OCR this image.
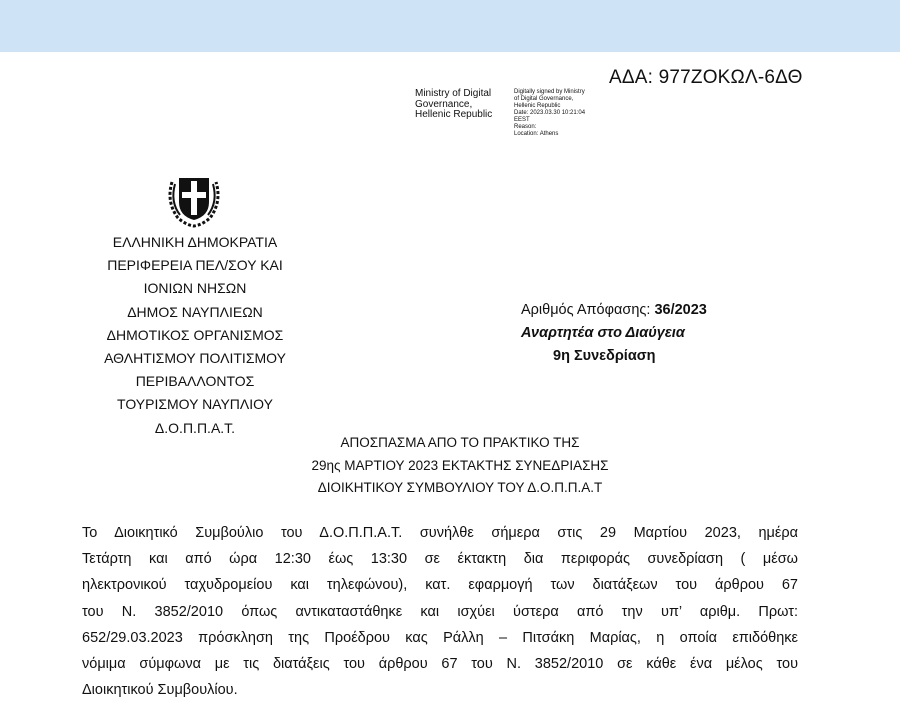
ΑΔΑ: 977ΖΟΚΩΛ-6ΔΘ
Ministry of Digital
Governance,
Hellenic Republic
Digitally signed by Ministry
of Digital Governance,
Hellenic Republic
Date: 2023.03.30 10:21:04
EEST
Reason:
Location: Athens
ΕΛΛΗΝΙΚΗ ΔΗΜΟΚΡΑΤΙΑ
ΠΕΡΙΦΕΡΕΙΑ ΠΕΛ/ΣΟΥ ΚΑΙ
ΙΟΝΙΩΝ ΝΗΣΩΝ
ΔΗΜΟΣ ΝΑΥΠΛΙΕΩΝ
ΔΗΜΟΤΙΚΟΣ ΟΡΓΑΝΙΣΜΟΣ
ΑΘΛΗΤΙΣΜΟΥ ΠΟΛΙΤΙΣΜΟΥ
ΠΕΡΙΒΑΛΛΟΝΤΟΣ
ΤΟΥΡΙΣΜΟΥ ΝΑΥΠΛΙΟΥ
Δ.Ο.Π.Π.Α.Τ.
Αριθμός Απόφασης: 36/2023
Αναρτητέα στο Διαύγεια
9η Συνεδρίαση
ΑΠΟΣΠΑΣΜΑ ΑΠΟ ΤΟ ΠΡΑΚΤΙΚΟ ΤΗΣ
29ης ΜΑΡΤΙΟΥ 2023 ΕΚΤΑΚΤΗΣ ΣΥΝΕΔΡΙΑΣΗΣ
ΔΙΟΙΚΗΤΙΚΟΥ ΣΥΜΒΟΥΛΙΟΥ ΤΟΥ Δ.Ο.Π.Π.Α.Τ
Το Διοικητικό Συμβούλιο του Δ.Ο.Π.Π.Α.Τ. συνήλθε σήμερα στις 29 Μαρτίου 2023, ημέρα
Τετάρτη και από ώρα 12:30 έως 13:30 σε έκτακτη δια περιφοράς συνεδρίαση ( μέσω
ηλεκτρονικού ταχυδρομείου και τηλεφώνου), κατ. εφαρμογή των διατάξεων του άρθρου 67
του Ν. 3852/2010 όπως αντικαταστάθηκε και ισχύει ύστερα από την υπ’ αριθμ. Πρωτ:
652/29.03.2023 πρόσκληση της Προέδρου κας Ράλλη – Πιτσάκη Μαρίας, η οποία επιδόθηκε
νόμιμα σύμφωνα με τις διατάξεις του άρθρου 67 του Ν. 3852/2010 σε κάθε ένα μέλος του
Διοικητικού Συμβουλίου.
